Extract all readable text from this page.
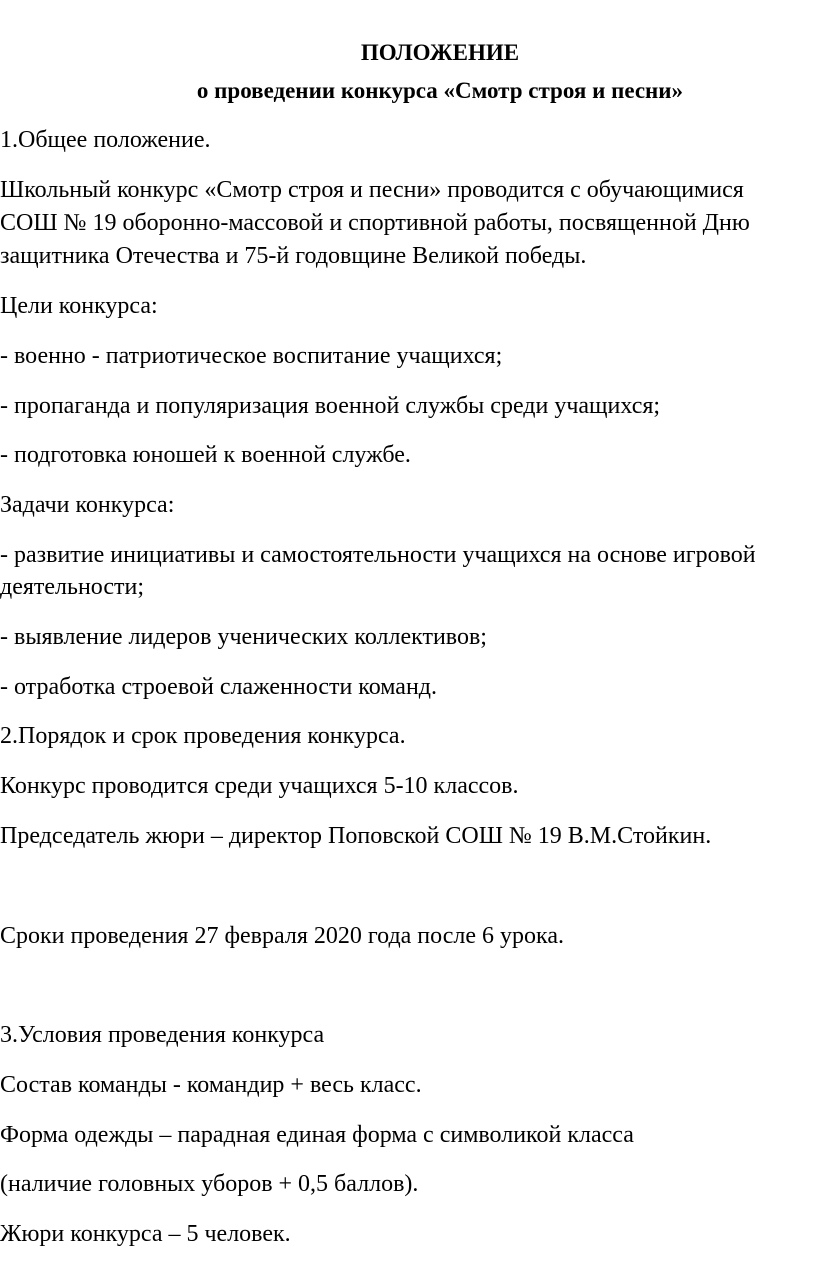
ПОЛОЖЕНИЕ
о проведении конкурса «Смотр строя и песни»
1.Общее положение.
Школьный конкурс «Смотр строя и песни» проводится с обучающимися
СОШ № 19 оборонно-массовой и спортивной работы, посвященной Дню
защитника Отечества и 75-й годовщине Великой победы.
Цели конкурса:
- военно - патриотическое воспитание учащихся;
- пропаганда и популяризация военной службы среди учащихся;
- подготовка юношей к военной службе.
Задачи конкурса:
- развитие инициативы и самостоятельности учащихся на основе игровой
деятельности;
- выявление лидеров ученических коллективов;
- отработка строевой слаженности команд.
2.Порядок и срок проведения конкурса.
Конкурс проводится среди учащихся 5-10 классов.
Председатель жюри – директор Поповской СОШ № 19 В.М.Стойкин.
Сроки проведения 27 февраля 2020 года после 6 урока.
3.Условия проведения конкурса
Состав команды - командир + весь класс.
Форма одежды – парадная единая форма с символикой класса
(наличие головных уборов + 0,5 баллов).
Жюри конкурса – 5 человек.
